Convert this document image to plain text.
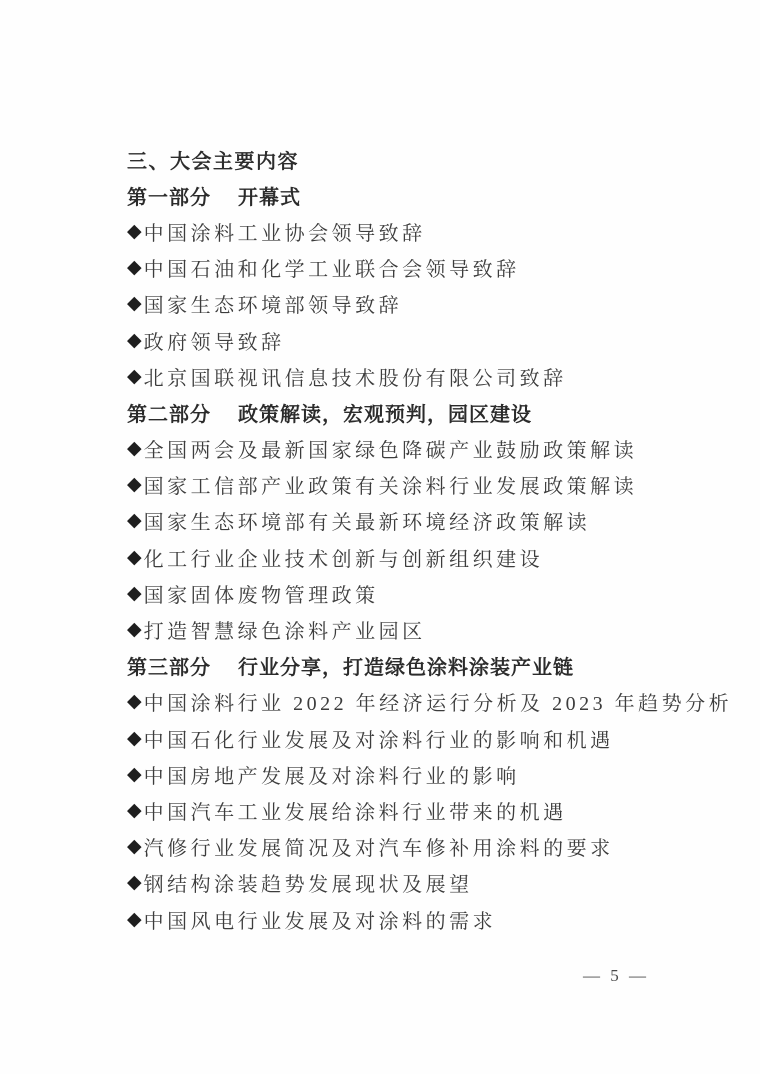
三、大会主要内容
第一部分 开幕式
◆ 中国涂料工业协会领导致辞
◆ 中国石油和化学工业联合会领导致辞
◆ 国家生态环境部领导致辞
◆ 政府领导致辞
◆ 北京国联视讯信息技术股份有限公司致辞
第二部分 政策解读，宏观预判，园区建设
◆ 全国两会及最新国家绿色降碳产业鼓励政策解读
◆ 国家工信部产业政策有关涂料行业发展政策解读
◆ 国家生态环境部有关最新环境经济政策解读
◆ 化工行业企业技术创新与创新组织建设
◆ 国家固体废物管理政策
◆ 打造智慧绿色涂料产业园区
第三部分 行业分享，打造绿色涂料涂装产业链
◆ 中国涂料行业 2022 年经济运行分析及 2023 年趋势分析
◆ 中国石化行业发展及对涂料行业的影响和机遇
◆ 中国房地产发展及对涂料行业的影响
◆ 中国汽车工业发展给涂料行业带来的机遇
◆ 汽修行业发展简况及对汽车修补用涂料的要求
◆ 钢结构涂装趋势发展现状及展望
◆ 中国风电行业发展及对涂料的需求
— 5 —
